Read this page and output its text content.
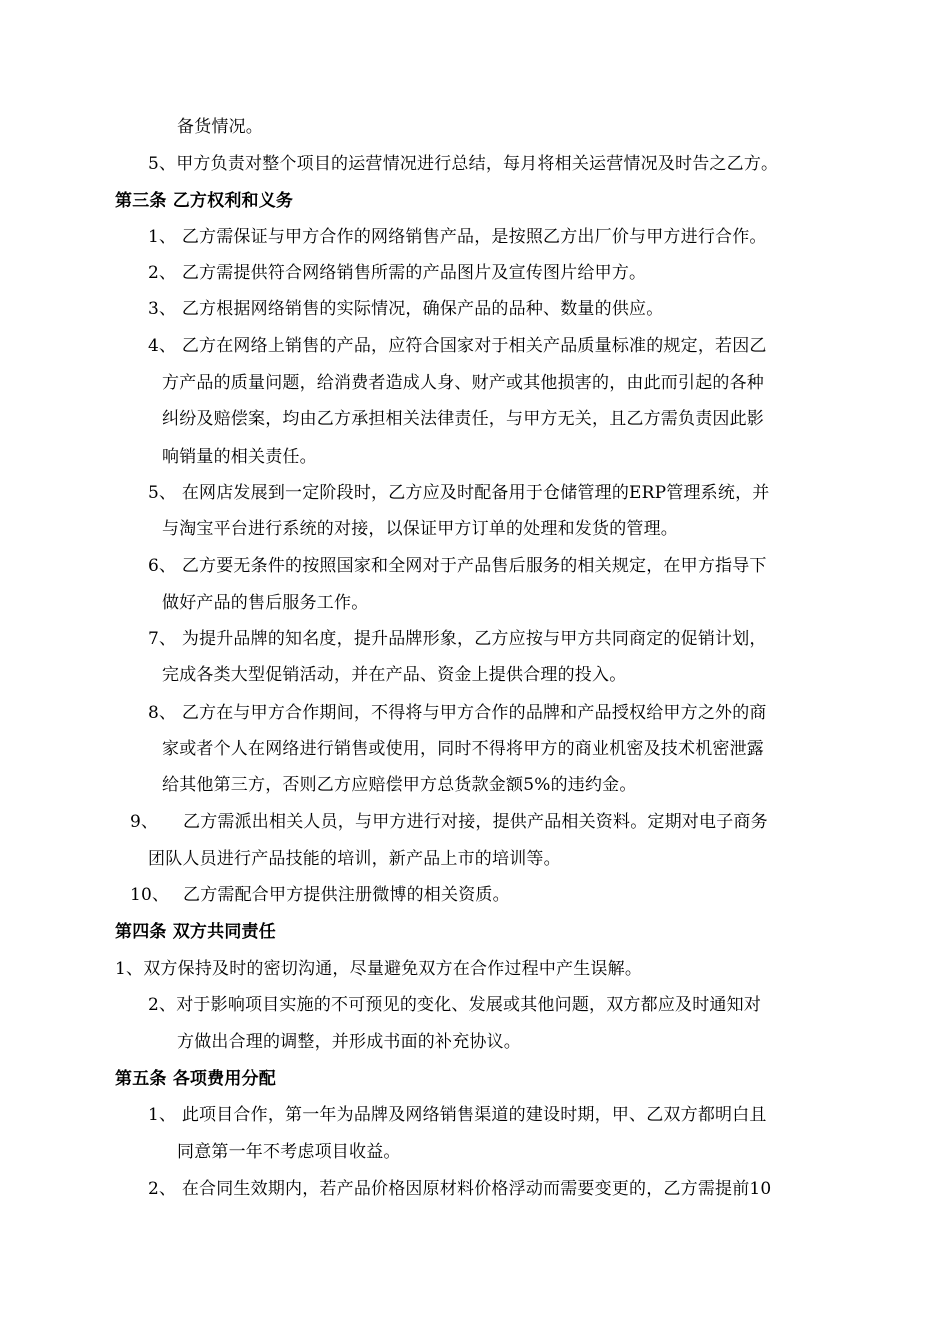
备货情况。
5、甲方负责对整个项目的运营情况进行总结，每月将相关运营情况及时告之乙方。
第三条 乙方权利和义务
1、 乙方需保证与甲方合作的网络销售产品，是按照乙方出厂价与甲方进行合作。
2、 乙方需提供符合网络销售所需的产品图片及宣传图片给甲方。
3、 乙方根据网络销售的实际情况，确保产品的品种、数量的供应。
4、 乙方在网络上销售的产品，应符合国家对于相关产品质量标准的规定，若因乙
方产品的质量问题，给消费者造成人身、财产或其他损害的，由此而引起的各种
纠纷及赔偿案，均由乙方承担相关法律责任，与甲方无关，且乙方需负责因此影
响销量的相关责任。
5、 在网店发展到一定阶段时，乙方应及时配备用于仓储管理的ERP管理系统，并
与淘宝平台进行系统的对接，以保证甲方订单的处理和发货的管理。
6、 乙方要无条件的按照国家和全网对于产品售后服务的相关规定，在甲方指导下
做好产品的售后服务工作。
7、 为提升品牌的知名度，提升品牌形象，乙方应按与甲方共同商定的促销计划，
完成各类大型促销活动，并在产品、资金上提供合理的投入。
8、 乙方在与甲方合作期间，不得将与甲方合作的品牌和产品授权给甲方之外的商
家或者个人在网络进行销售或使用，同时不得将甲方的商业机密及技术机密泄露
给其他第三方，否则乙方应赔偿甲方总货款金额5%的违约金。
9、 乙方需派出相关人员，与甲方进行对接，提供产品相关资料。定期对电子商务
团队人员进行产品技能的培训，新产品上市的培训等。
10、 乙方需配合甲方提供注册微博的相关资质。
第四条 双方共同责任
1、双方保持及时的密切沟通，尽量避免双方在合作过程中产生误解。
2、对于影响项目实施的不可预见的变化、发展或其他问题，双方都应及时通知对
方做出合理的调整，并形成书面的补充协议。
第五条 各项费用分配
1、 此项目合作，第一年为品牌及网络销售渠道的建设时期，甲、乙双方都明白且
同意第一年不考虑项目收益。
2、 在合同生效期内，若产品价格因原材料价格浮动而需要变更的，乙方需提前10
